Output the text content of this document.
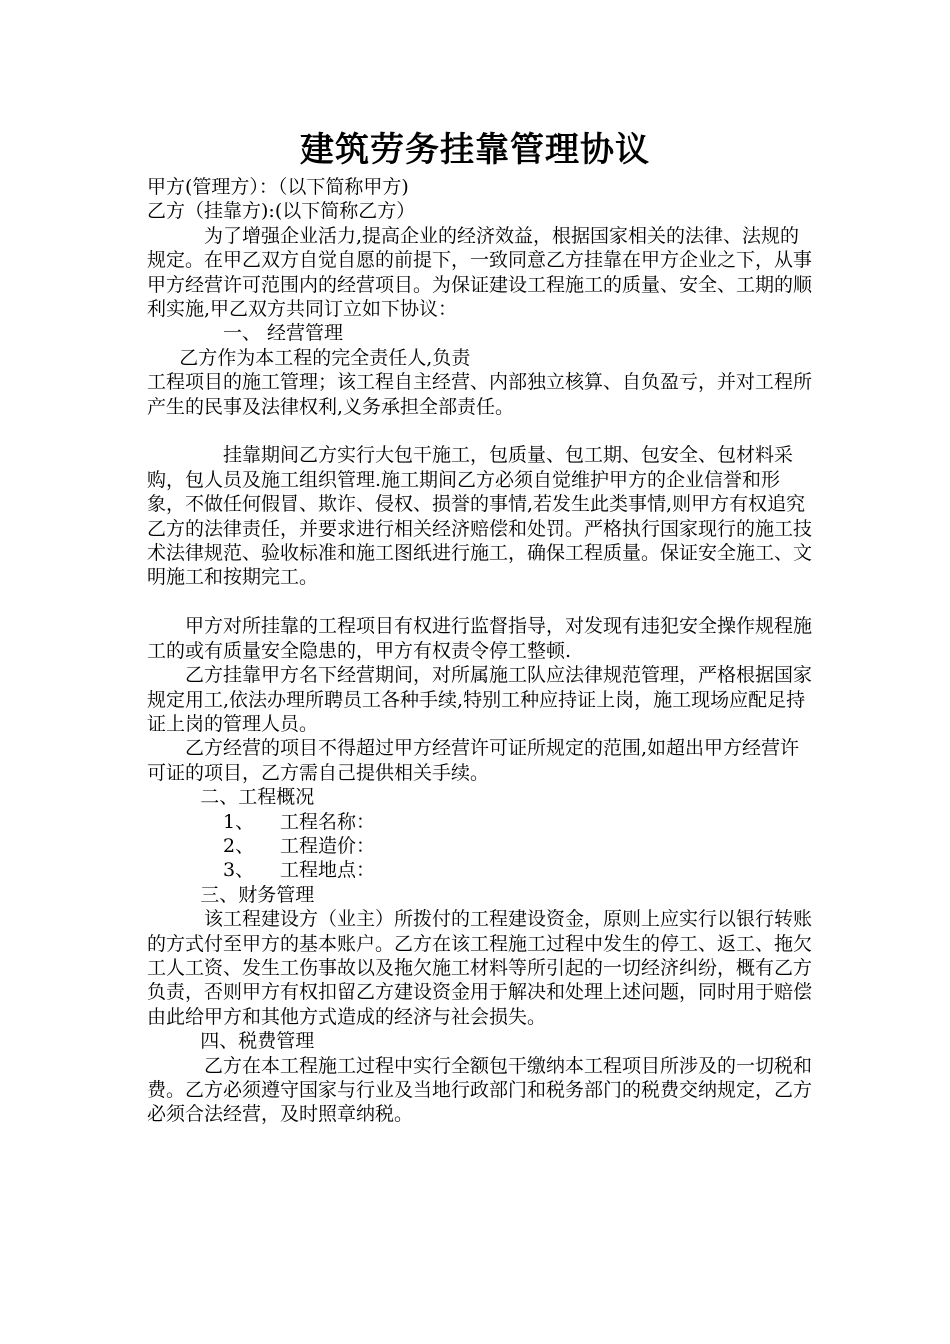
建筑劳务挂靠管理协议

甲方(管理方）：（以下简称甲方)

乙方（挂靠方):(以下简称乙方）

为了增强企业活力,提高企业的经济效益，根据国家相关的法律、法规的规定。在甲乙双方自觉自愿的前提下，一致同意乙方挂靠在甲方企业之下，从事甲方经营许可范围内的经营项目。为保证建设工程施工的质量、安全、工期的顺利实施,甲乙双方共同订立如下协议：

一、 经营管理

乙方作为本工程的完全责任人,负责

工程项目的施工管理；该工程自主经营、内部独立核算、自负盈亏，并对工程所产生的民事及法律权利,义务承担全部责任。

挂靠期间乙方实行大包干施工，包质量、包工期、包安全、包材料采购，包人员及施工组织管理.施工期间乙方必须自觉维护甲方的企业信誉和形象，不做任何假冒、欺诈、侵权、损誉的事情,若发生此类事情,则甲方有权追究乙方的法律责任，并要求进行相关经济赔偿和处罚。严格执行国家现行的施工技术法律规范、验收标准和施工图纸进行施工，确保工程质量。保证安全施工、文明施工和按期完工。

甲方对所挂靠的工程项目有权进行监督指导，对发现有违犯安全操作规程施工的或有质量安全隐患的，甲方有权责令停工整顿.

乙方挂靠甲方名下经营期间，对所属施工队应法律规范管理，严格根据国家规定用工,依法办理所聘员工各种手续,特别工种应持证上岗，施工现场应配足持证上岗的管理人员。

乙方经营的项目不得超过甲方经营许可证所规定的范围,如超出甲方经营许可证的项目，乙方需自己提供相关手续。

二、工程概况

1、 工程名称：

2、 工程造价：

3、 工程地点：

三、财务管理

该工程建设方（业主）所拨付的工程建设资金，原则上应实行以银行转账的方式付至甲方的基本账户。乙方在该工程施工过程中发生的停工、返工、拖欠工人工资、发生工伤事故以及拖欠施工材料等所引起的一切经济纠纷，概有乙方负责，否则甲方有权扣留乙方建设资金用于解决和处理上述问题，同时用于赔偿由此给甲方和其他方式造成的经济与社会损失。

四、税费管理

乙方在本工程施工过程中实行全额包干缴纳本工程项目所涉及的一切税和费。乙方必须遵守国家与行业及当地行政部门和税务部门的税费交纳规定，乙方必须合法经营，及时照章纳税。
